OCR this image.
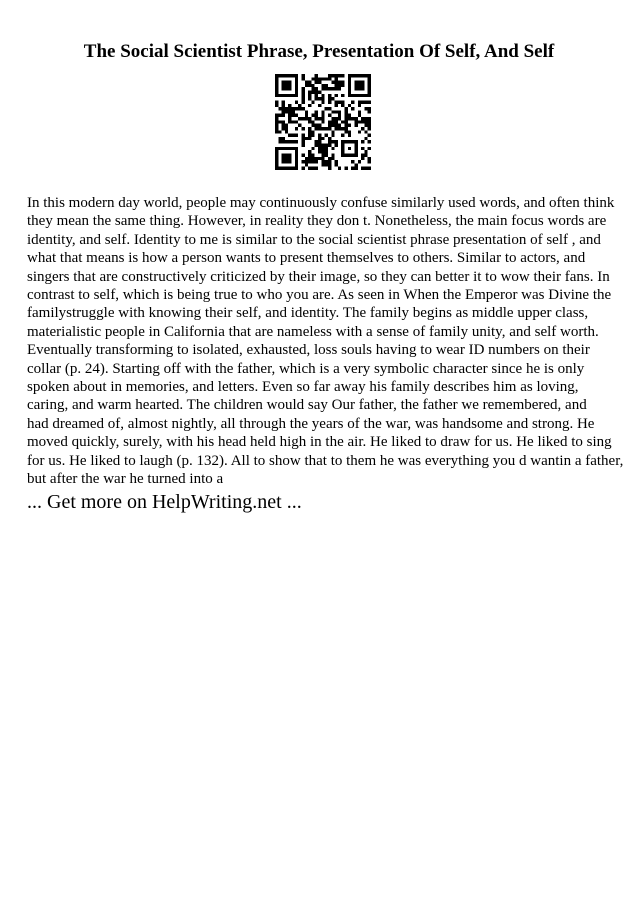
The Social Scientist Phrase, Presentation Of Self, And Self
In this modern day world, people may continuously confuse similarly used words, and often think
they mean the same thing. However, in reality they don t. Nonetheless, the main focus words are
identity, and self. Identity to me is similar to the social scientist phrase presentation of self , and
what that means is how a person wants to present themselves to others. Similar to actors, and
singers that are constructively criticized by their image, so they can better it to wow their fans. In
contrast to self, which is being true to who you are. As seen in When the Emperor was Divine the
familystruggle with knowing their self, and identity. The family begins as middle upper class,
materialistic people in California that are nameless with a sense of family unity, and self worth.
Eventually transforming to isolated, exhausted, loss souls having to wear ID numbers on their
collar (p. 24). Starting off with the father, which is a very symbolic character since he is only
spoken about in memories, and letters. Even so far away his family describes him as loving,
caring, and warm hearted. The children would say Our father, the father we remembered, and
had dreamed of, almost nightly, all through the years of the war, was handsome and strong. He
moved quickly, surely, with his head held high in the air. He liked to draw for us. He liked to sing
for us. He liked to laugh (p. 132). All to show that to them he was everything you d wantin a father,
but after the war he turned into a
... Get more on HelpWriting.net ...
